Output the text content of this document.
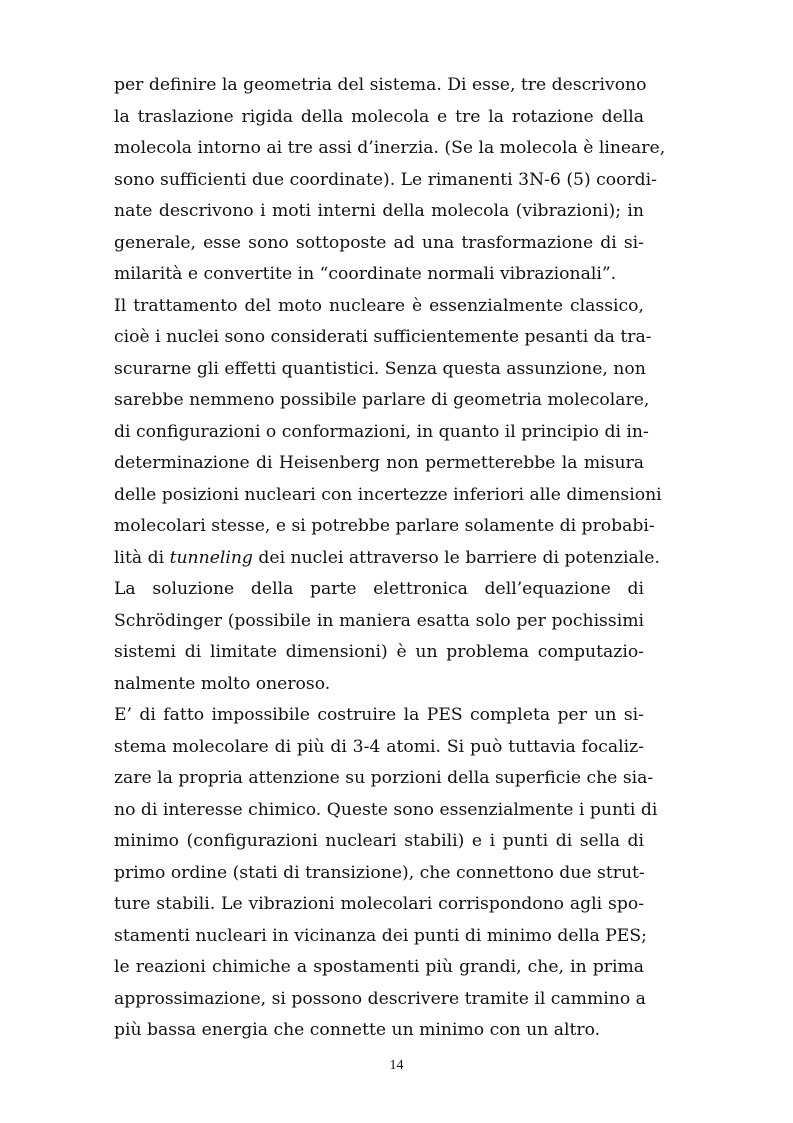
per definire la geometria del sistema. Di esse, tre descrivono
la traslazione rigida della molecola e tre la rotazione della
molecola intorno ai tre assi d’inerzia. (Se la molecola è lineare,
sono sufficienti due coordinate). Le rimanenti 3N-6 (5) coordi-
nate descrivono i moti interni della molecola (vibrazioni); in
generale, esse sono sottoposte ad una trasformazione di si-
milarità e convertite in “coordinate normali vibrazionali”.
Il trattamento del moto nucleare è essenzialmente classico,
cioè i nuclei sono considerati sufficientemente pesanti da tra-
scurarne gli effetti quantistici. Senza questa assunzione, non
sarebbe nemmeno possibile parlare di geometria molecolare,
di configurazioni o conformazioni, in quanto il principio di in-
determinazione di Heisenberg non permetterebbe la misura
delle posizioni nucleari con incertezze inferiori alle dimensioni
molecolari stesse, e si potrebbe parlare solamente di probabi-
lità di tunneling dei nuclei attraverso le barriere di potenziale.
La soluzione della parte elettronica dell’equazione di
Schrödinger (possibile in maniera esatta solo per pochissimi
sistemi di limitate dimensioni) è un problema computazio-
nalmente molto oneroso.
E’ di fatto impossibile costruire la PES completa per un si-
stema molecolare di più di 3-4 atomi. Si può tuttavia focaliz-
zare la propria attenzione su porzioni della superficie che sia-
no di interesse chimico. Queste sono essenzialmente i punti di
minimo (configurazioni nucleari stabili) e i punti di sella di
primo ordine (stati di transizione), che connettono due strut-
ture stabili. Le vibrazioni molecolari corrispondono agli spo-
stamenti nucleari in vicinanza dei punti di minimo della PES;
le reazioni chimiche a spostamenti più grandi, che, in prima
approssimazione, si possono descrivere tramite il cammino a
più bassa energia che connette un minimo con un altro.
14
